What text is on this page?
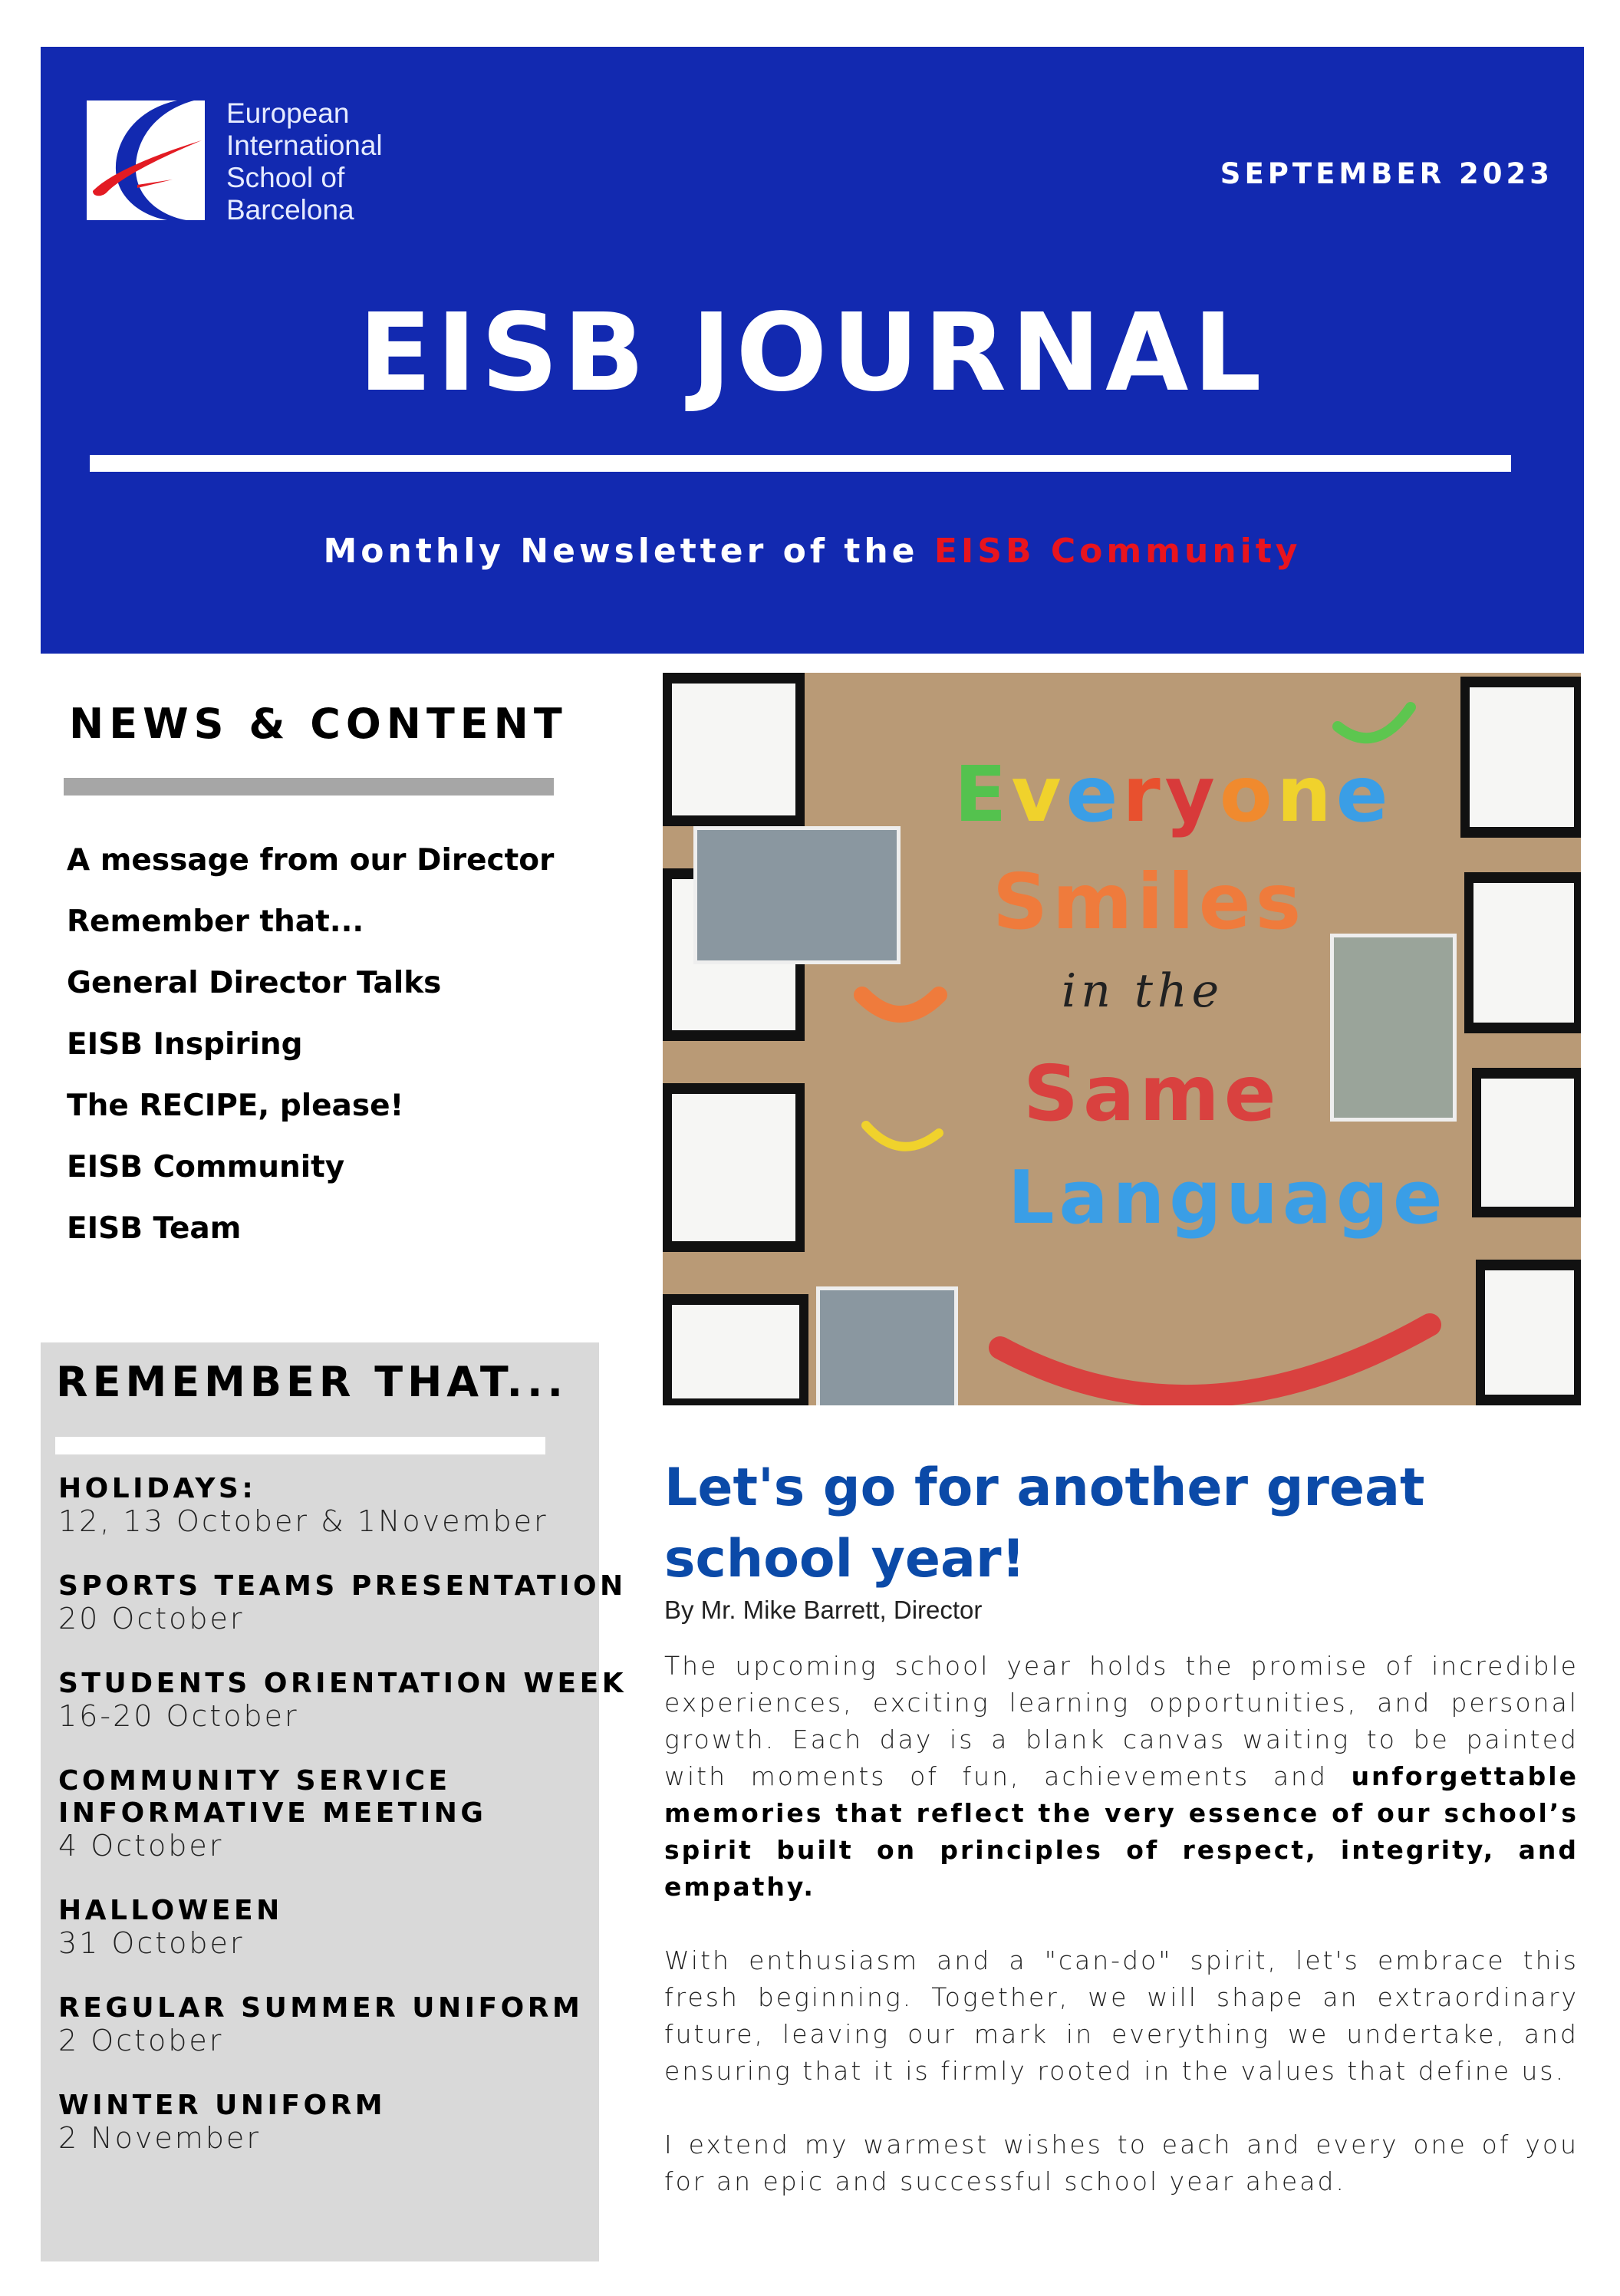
European
International
School of
Barcelona
SEPTEMBER 2023
EISB JOURNAL
Monthly Newsletter of the EISB Community
NEWS & CONTENT
A message from our Director
Remember that...
General Director Talks
EISB Inspiring
The RECIPE, please!
EISB Community
EISB Team
REMEMBER THAT...
HOLIDAYS:
12, 13 October & 1November
SPORTS TEAMS PRESENTATION
20 October
STUDENTS ORIENTATION WEEK
16-20 October
COMMUNITY SERVICE
INFORMATIVE MEETING
4 October
HALLOWEEN
31 October
REGULAR SUMMER UNIFORM
2 October
WINTER UNIFORM
2 November
Everyone
Smiles
in the
Same
Language
Let's go for another great school year!
By Mr. Mike Barrett, Director

The upcoming school year holds the promise of incredible experiences, exciting learning opportunities, and personal growth. Each day is a blank canvas waiting to be painted with moments of fun, achievements and unforgettable memories that reflect the very essence of our school’s spirit built on principles of respect, integrity, and empathy.

With enthusiasm and a "can-do" spirit, let's embrace this fresh beginning. Together, we will shape an extraordinary future, leaving our mark in everything we undertake, and ensuring that it is firmly rooted in the values that define us.

I extend my warmest wishes to each and every one of you for an epic and successful school year ahead.
